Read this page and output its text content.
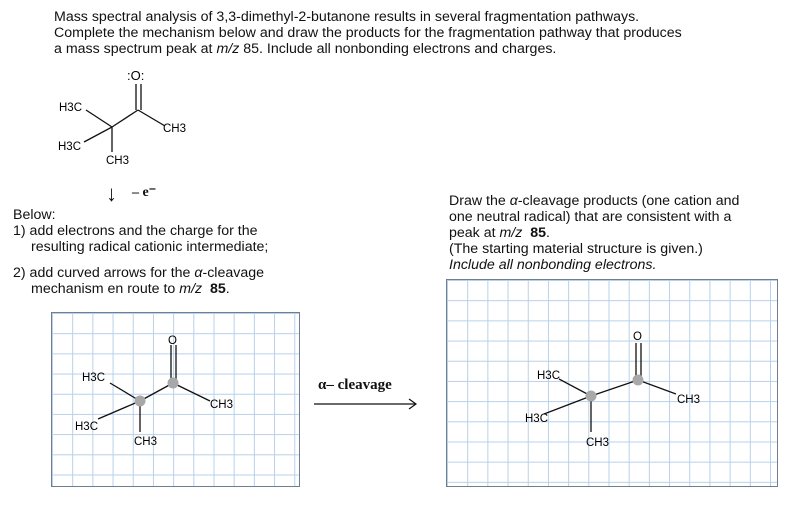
Mass spectral analysis of 3,3-dimethyl-2-butanone results in several fragmentation pathways.
Complete the mechanism below and draw the products for the fragmentation pathway that produces
a mass spectrum peak at m/z 85. Include all nonbonding electrons and charges.
:O:
H3C
CH3
H3C
CH3
↓ – e⁻
Below:
1) add electrons and the charge for the
resulting radical cationic intermediate;
2) add curved arrows for the α-cleavage
mechanism en route to m/z 85.
Draw the α-cleavage products (one cation and
one neutral radical) that are consistent with a
peak at m/z 85.
(The starting material structure is given.)
Include all nonbonding electrons.
O
H3C
CH3
H3C
CH3
α– cleavage
O
H3C
CH3
H3C
CH3
